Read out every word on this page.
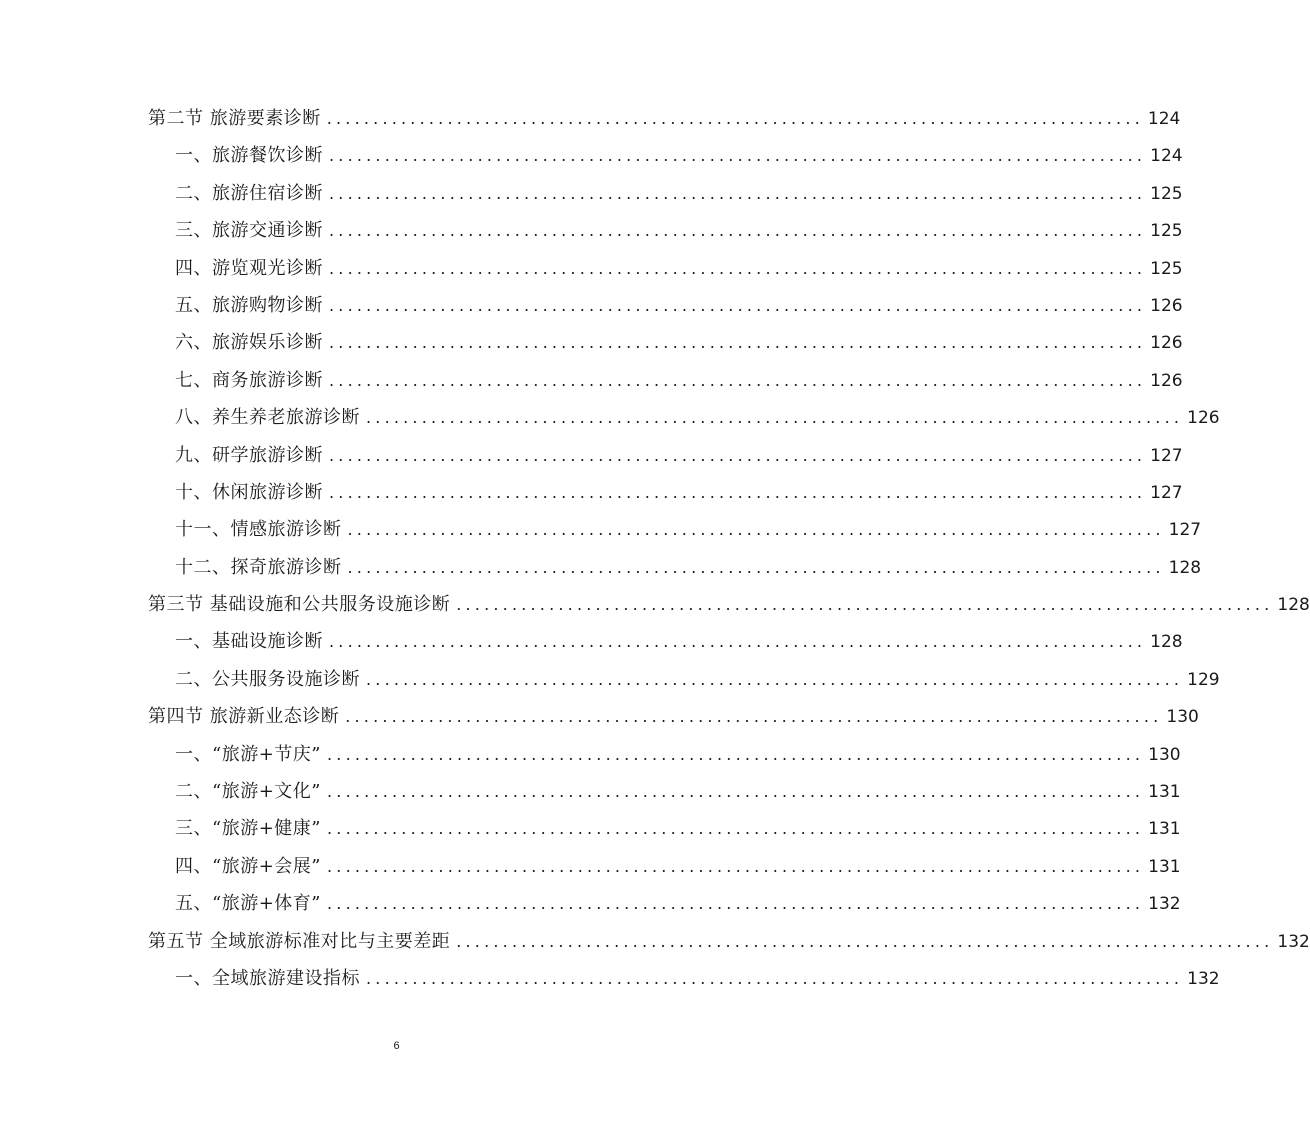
第二节 旅游要素诊断 ........................................................................................ 124
一、旅游餐饮诊断 ........................................................................................ 124
二、旅游住宿诊断 ........................................................................................ 125
三、旅游交通诊断 ........................................................................................ 125
四、游览观光诊断 ........................................................................................ 125
五、旅游购物诊断 ........................................................................................ 126
六、旅游娱乐诊断 ........................................................................................ 126
七、商务旅游诊断 ........................................................................................ 126
八、养生养老旅游诊断 ........................................................................................ 126
九、研学旅游诊断 ........................................................................................ 127
十、休闲旅游诊断 ........................................................................................ 127
十一、情感旅游诊断 ........................................................................................ 127
十二、探奇旅游诊断 ........................................................................................ 128
第三节 基础设施和公共服务设施诊断 ........................................................................................ 128
一、基础设施诊断 ........................................................................................ 128
二、公共服务设施诊断 ........................................................................................ 129
第四节 旅游新业态诊断 ........................................................................................ 130
一、“旅游+节庆” ........................................................................................ 130
二、“旅游+文化” ........................................................................................ 131
三、“旅游+健康” ........................................................................................ 131
四、“旅游+会展” ........................................................................................ 131
五、“旅游+体育” ........................................................................................ 132
第五节 全域旅游标准对比与主要差距 ........................................................................................ 132
一、全域旅游建设指标 ........................................................................................ 132
6
